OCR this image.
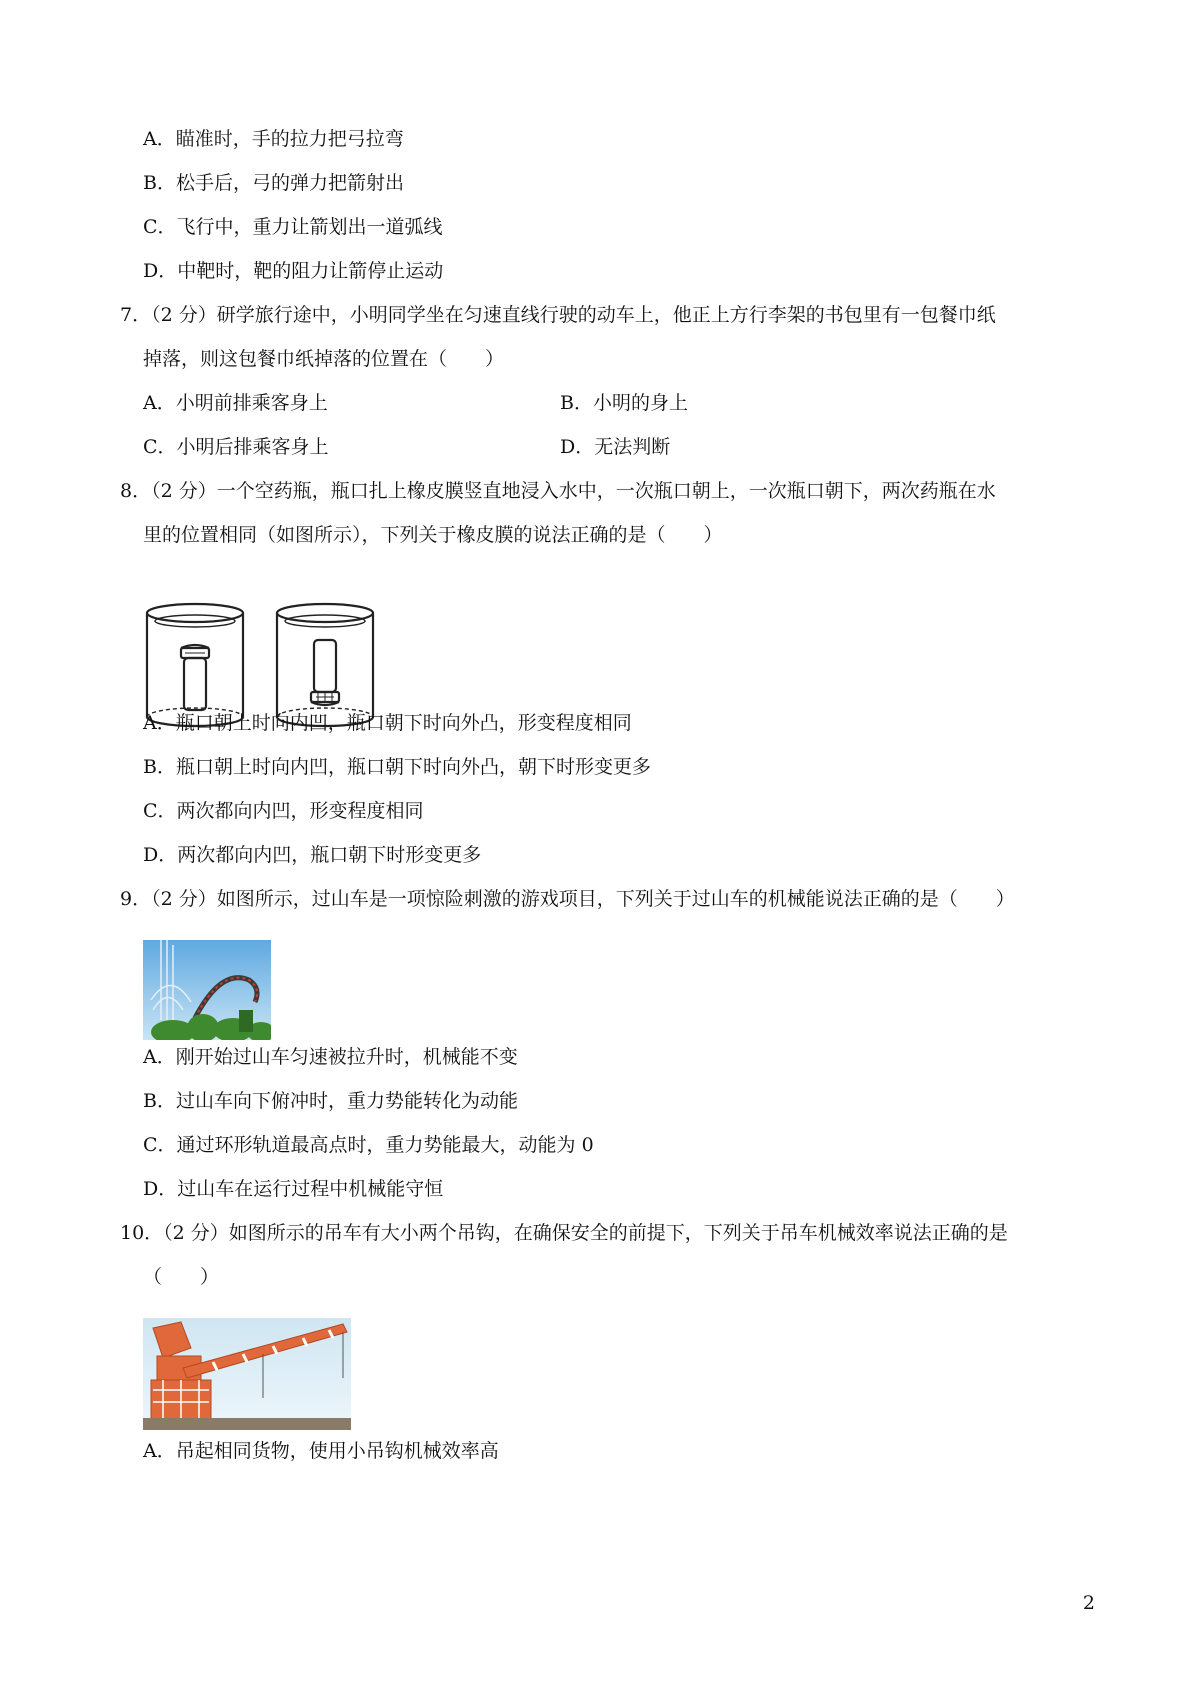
A．瞄准时，手的拉力把弓拉弯
B．松手后，弓的弹力把箭射出
C．飞行中，重力让箭划出一道弧线
D．中靶时，靶的阻力让箭停止运动
7．（2 分）研学旅行途中，小明同学坐在匀速直线行驶的动车上，他正上方行李架的书包里有一包餐巾纸
掉落，则这包餐巾纸掉落的位置在（　　）
A．小明前排乘客身上	B．小明的身上
C．小明后排乘客身上	D．无法判断
8．（2 分）一个空药瓶，瓶口扎上橡皮膜竖直地浸入水中，一次瓶口朝上，一次瓶口朝下，两次药瓶在水
里的位置相同（如图所示），下列关于橡皮膜的说法正确的是（　　）
A．瓶口朝上时向内凹，瓶口朝下时向外凸，形变程度相同
B．瓶口朝上时向内凹，瓶口朝下时向外凸，朝下时形变更多
C．两次都向内凹，形变程度相同
D．两次都向内凹，瓶口朝下时形变更多
9．（2 分）如图所示，过山车是一项惊险刺激的游戏项目，下列关于过山车的机械能说法正确的是（　　）
A．刚开始过山车匀速被拉升时，机械能不变
B．过山车向下俯冲时，重力势能转化为动能
C．通过环形轨道最高点时，重力势能最大，动能为 0
D．过山车在运行过程中机械能守恒
10．（2 分）如图所示的吊车有大小两个吊钩，在确保安全的前提下，下列关于吊车机械效率说法正确的是
（　　）
A．吊起相同货物，使用小吊钩机械效率高
2
